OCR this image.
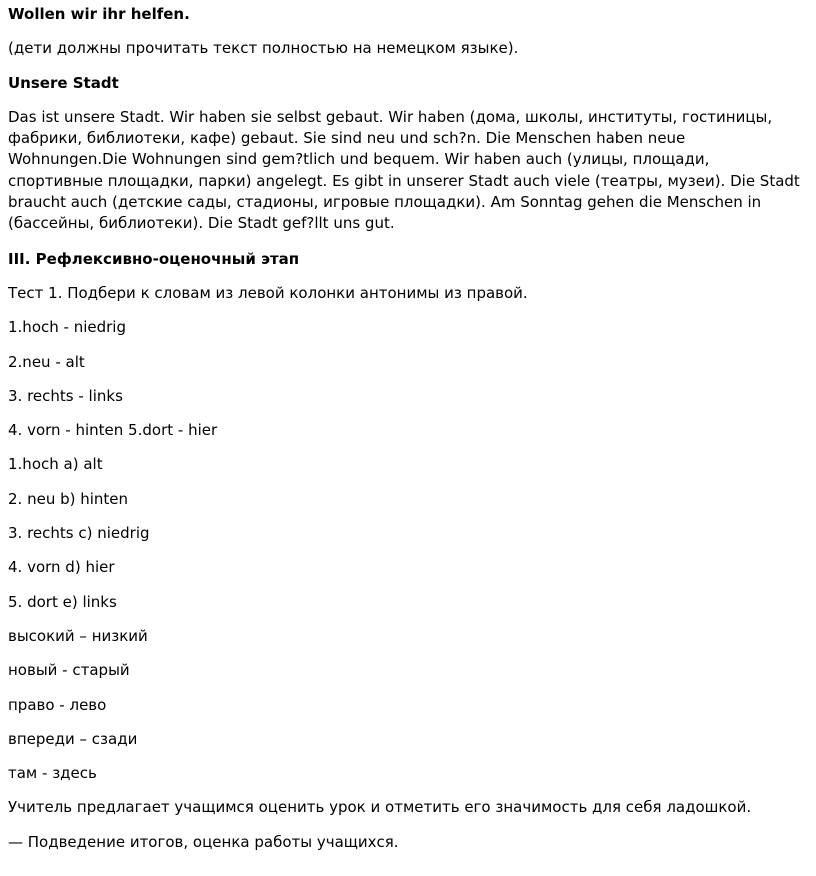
Wollen wir ihr helfen.

(дети должны прочитать текст полностью на немецком языке).

Unsere Stadt

Das ist unsere Stadt. Wir haben sie selbst gebaut. Wir haben (дома, школы, институты, гостиницы, фабрики, библиотеки, кафе) gebaut. Sie sind neu und sch?n. Die Menschen haben neue Wohnungen.Die Wohnungen sind gem?tlich und bequem. Wir haben auch (улицы, площади, спортивные площадки, парки) angelegt. Es gibt in unserer Stadt auch viele (театры, музеи). Die Stadt braucht auch (детские сады, стадионы, игровые площадки). Am Sonntag gehen die Menschen in (бассейны, библиотеки). Die Stadt gef?llt uns gut.

III. Рефлексивно-оценочный этап

Тест 1. Подбери к словам из левой колонки антонимы из правой.

1.hoch - niedrig

2.neu - alt

3. rechts - links

4. vorn - hinten 5.dort - hier

1.hoch a) alt

2. neu b) hinten

3. rechts c) niedrig

4. vorn d) hier

5. dort e) links

высокий – низкий

новый - старый

право - лево

впереди – сзади

там - здесь

Учитель предлагает учащимся оценить урок и отметить его значимость для себя ладошкой.

— Подведение итогов, оценка работы учащихся.
